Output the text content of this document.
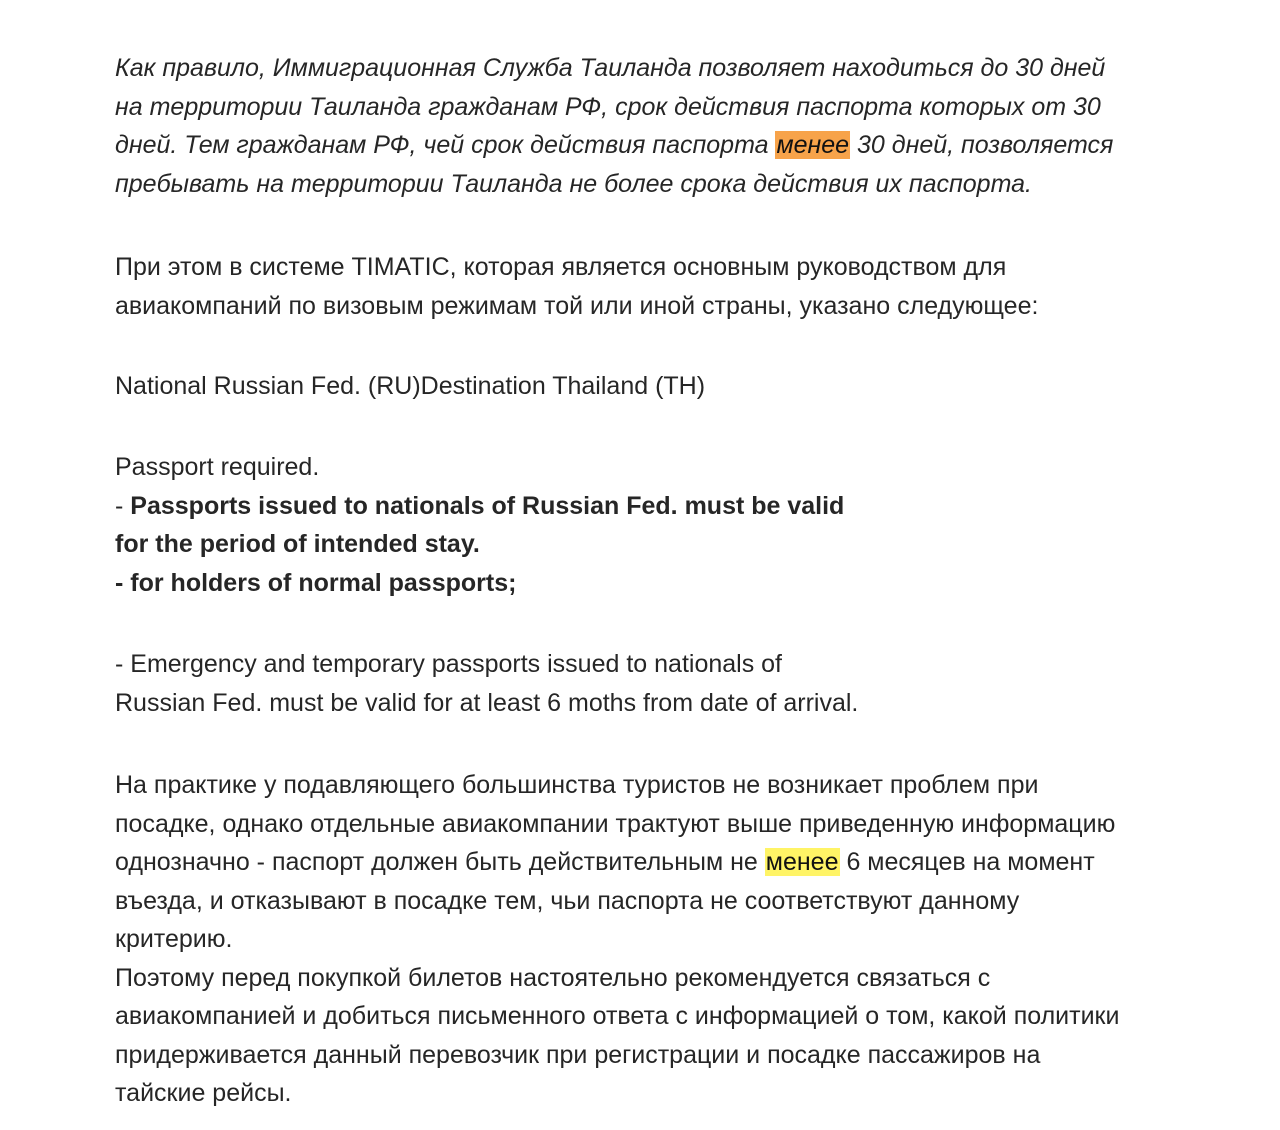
Как правило, Иммиграционная Служба Таиланда позволяет находиться до 30 дней
на территории Таиланда гражданам РФ, срок действия паспорта которых от 30
дней. Тем гражданам РФ, чей срок действия паспорта менее 30 дней, позволяется
пребывать на территории Таиланда не более срока действия их паспорта.
При этом в системе TIMATIC, которая является основным руководством для
авиакомпаний по визовым режимам той или иной страны, указано следующее:
National Russian Fed. (RU)Destination Thailand (TH)
Passport required.
- Passports issued to nationals of Russian Fed. must be valid
for the period of intended stay.
- for holders of normal passports;
- Emergency and temporary passports issued to nationals of
Russian Fed. must be valid for at least 6 moths from date of arrival.
На практике у подавляющего большинства туристов не возникает проблем при
посадке, однако отдельные авиакомпании трактуют выше приведенную информацию
однозначно - паспорт должен быть действительным не менее 6 месяцев на момент
въезда, и отказывают в посадке тем, чьи паспорта не соответствуют данному
критерию.
Поэтому перед покупкой билетов настоятельно рекомендуется связаться с
авиакомпанией и добиться письменного ответа с информацией о том, какой политики
придерживается данный перевозчик при регистрации и посадке пассажиров на
тайские рейсы.
